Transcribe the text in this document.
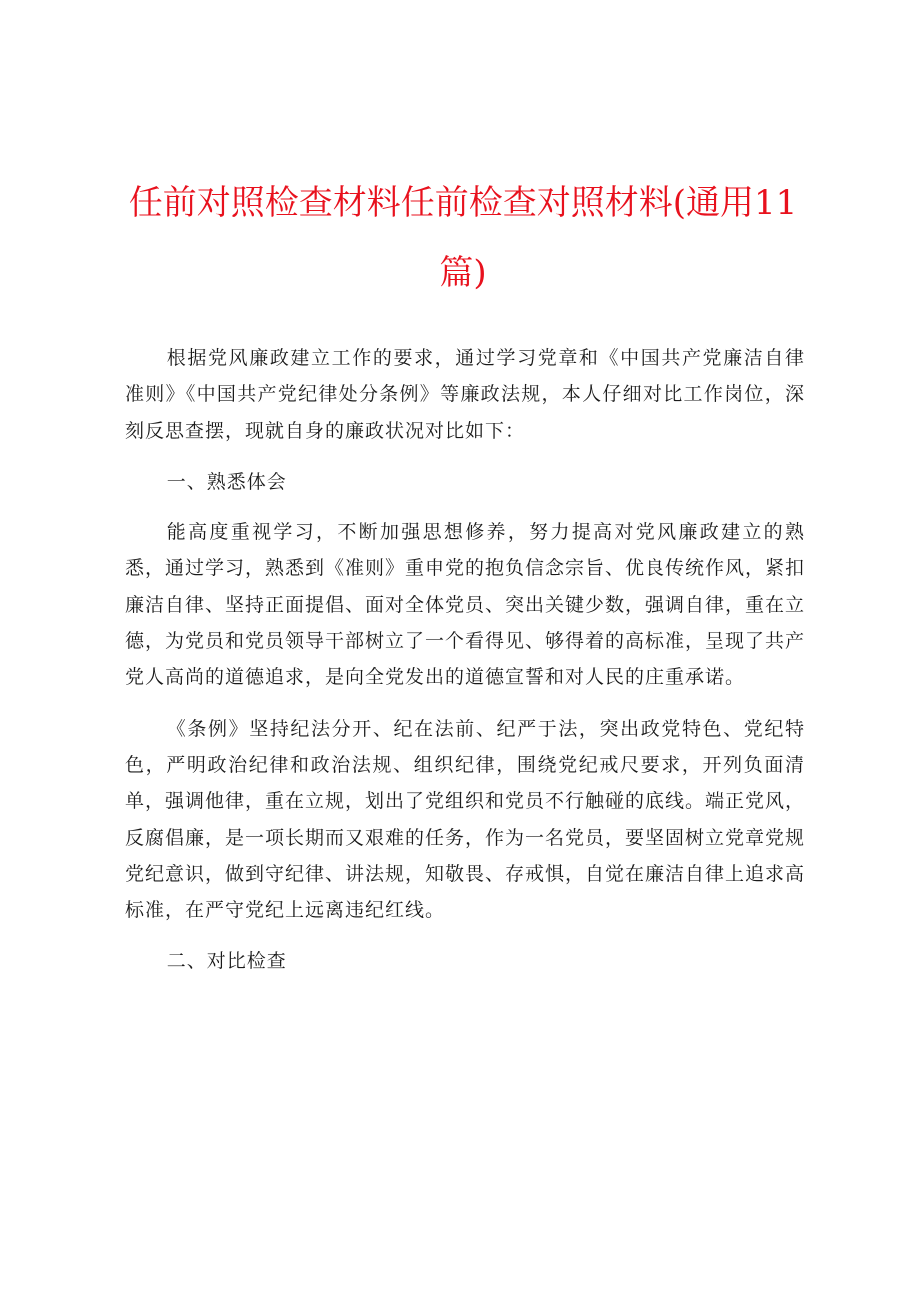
任前对照检查材料任前检查对照材料(通用11篇)

根据党风廉政建立工作的要求，通过学习党章和《中国共产党廉洁自律准则》《中国共产党纪律处分条例》等廉政法规，本人仔细对比工作岗位，深刻反思查摆，现就自身的廉政状况对比如下：

一、熟悉体会

能高度重视学习，不断加强思想修养，努力提高对党风廉政建立的熟悉，通过学习，熟悉到《准则》重申党的抱负信念宗旨、优良传统作风，紧扣廉洁自律、坚持正面提倡、面对全体党员、突出关键少数，强调自律，重在立德，为党员和党员领导干部树立了一个看得见、够得着的高标准，呈现了共产党人高尚的道德追求，是向全党发出的道德宣誓和对人民的庄重承诺。

《条例》坚持纪法分开、纪在法前、纪严于法，突出政党特色、党纪特色，严明政治纪律和政治法规、组织纪律，围绕党纪戒尺要求，开列负面清单，强调他律，重在立规，划出了党组织和党员不行触碰的底线。端正党风，反腐倡廉，是一项长期而又艰难的任务，作为一名党员，要坚固树立党章党规党纪意识，做到守纪律、讲法规，知敬畏、存戒惧，自觉在廉洁自律上追求高标准，在严守党纪上远离违纪红线。

二、对比检查
